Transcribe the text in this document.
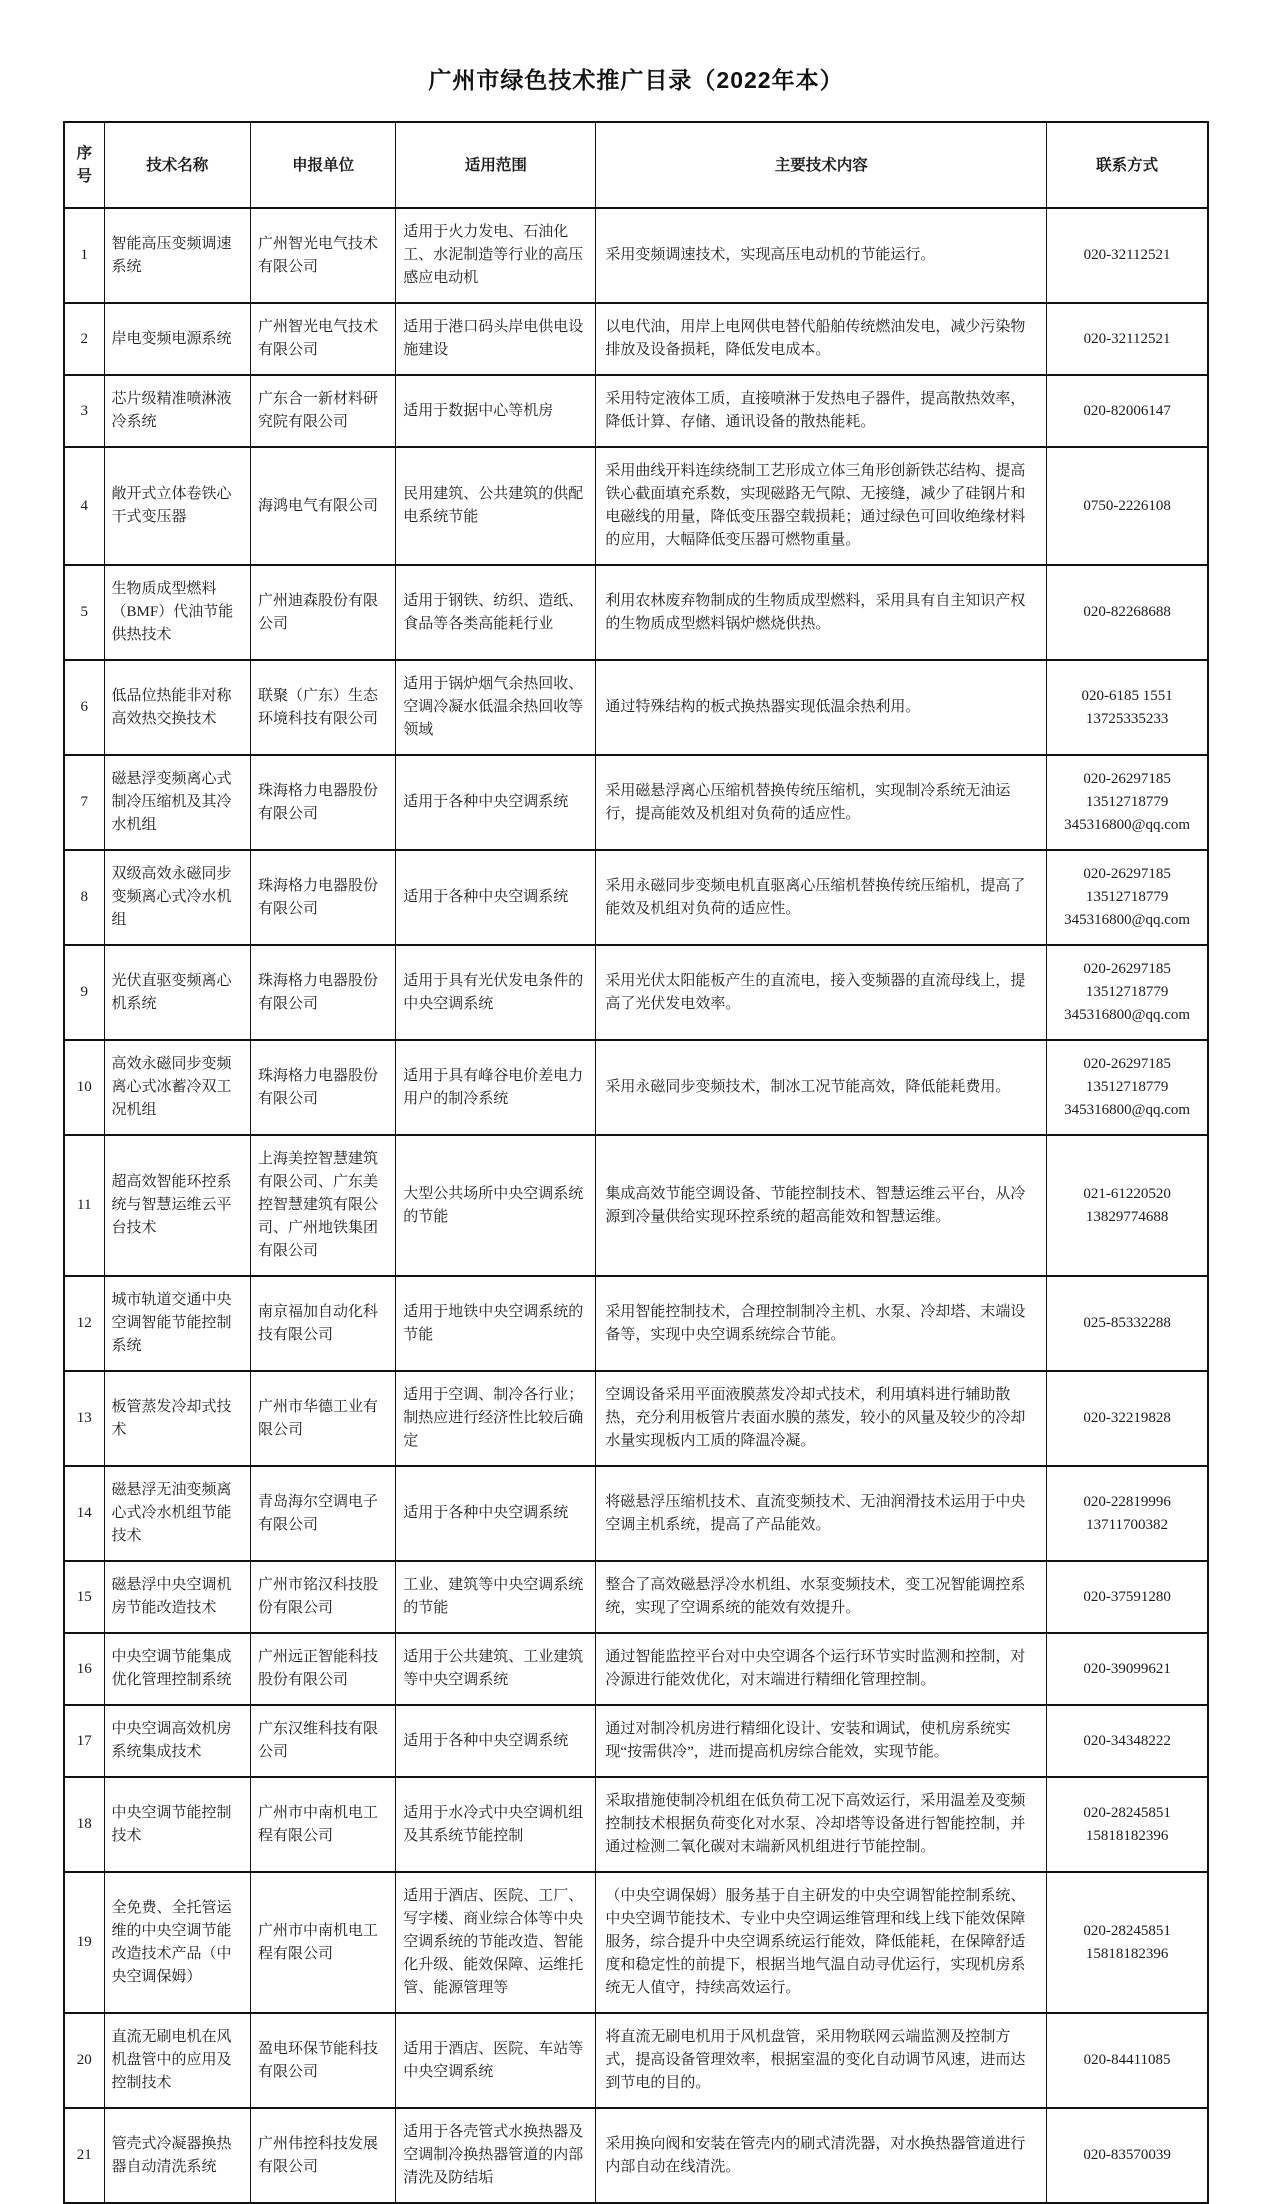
广州市绿色技术推广目录（2022年本）
序号	技术名称	申报单位	适用范围	主要技术内容	联系方式
1	智能高压变频调速系统	广州智光电气技术有限公司	适用于火力发电、石油化工、水泥制造等行业的高压感应电动机	采用变频调速技术，实现高压电动机的节能运行。	020-32112521

2	岸电变频电源系统	广州智光电气技术有限公司	适用于港口码头岸电供电设施建设	以电代油，用岸上电网供电替代船舶传统燃油发电，减少污染物排放及设备损耗，降低发电成本。	020-32112521

3	芯片级精准喷淋液冷系统	广东合一新材料研究院有限公司	适用于数据中心等机房	采用特定液体工质，直接喷淋于发热电子器件，提高散热效率，降低计算、存储、通讯设备的散热能耗。	020-82006147

4	敞开式立体卷铁心干式变压器	海鸿电气有限公司	民用建筑、公共建筑的供配电系统节能	采用曲线开料连续绕制工艺形成立体三角形创新铁芯结构、提高铁心截面填充系数，实现磁路无气隙、无接缝，减少了硅钢片和电磁线的用量，降低变压器空载损耗；通过绿色可回收绝缘材料的应用，大幅降低变压器可燃物重量。	0750-2226108

5	生物质成型燃料（BMF）代油节能供热技术	广州迪森股份有限公司	适用于钢铁、纺织、造纸、食品等各类高能耗行业	利用农林废弃物制成的生物质成型燃料，采用具有自主知识产权的生物质成型燃料锅炉燃烧供热。	020-82268688

6	低品位热能非对称高效热交换技术	联聚（广东）生态环境科技有限公司	适用于锅炉烟气余热回收、空调冷凝水低温余热回收等领域	通过特殊结构的板式换热器实现低温余热利用。	020-6185 1551
13725335233

7	磁悬浮变频离心式制冷压缩机及其冷水机组	珠海格力电器股份有限公司	适用于各种中央空调系统	采用磁悬浮离心压缩机替换传统压缩机，实现制冷系统无油运行，提高能效及机组对负荷的适应性。	020-26297185
13512718779
345316800@qq.com

8	双级高效永磁同步变频离心式冷水机组	珠海格力电器股份有限公司	适用于各种中央空调系统	采用永磁同步变频电机直驱离心压缩机替换传统压缩机，提高了能效及机组对负荷的适应性。	020-26297185
13512718779
345316800@qq.com

9	光伏直驱变频离心机系统	珠海格力电器股份有限公司	适用于具有光伏发电条件的中央空调系统	采用光伏太阳能板产生的直流电，接入变频器的直流母线上，提高了光伏发电效率。	020-26297185
13512718779
345316800@qq.com

10	高效永磁同步变频离心式冰蓄冷双工况机组	珠海格力电器股份有限公司	适用于具有峰谷电价差电力用户的制冷系统	采用永磁同步变频技术，制冰工况节能高效，降低能耗费用。	020-26297185
13512718779
345316800@qq.com

11	超高效智能环控系统与智慧运维云平台技术	上海美控智慧建筑有限公司、广东美控智慧建筑有限公司、广州地铁集团有限公司	大型公共场所中央空调系统的节能	集成高效节能空调设备、节能控制技术、智慧运维云平台，从冷源到冷量供给实现环控系统的超高能效和智慧运维。	021-61220520
13829774688

12	城市轨道交通中央空调智能节能控制系统	南京福加自动化科技有限公司	适用于地铁中央空调系统的节能	采用智能控制技术，合理控制制冷主机、水泵、冷却塔、末端设备等，实现中央空调系统综合节能。	025-85332288

13	板管蒸发冷却式技术	广州市华德工业有限公司	适用于空调、制冷各行业；制热应进行经济性比较后确定	空调设备采用平面液膜蒸发冷却式技术，利用填料进行辅助散热，充分利用板管片表面水膜的蒸发，较小的风量及较少的冷却水量实现板内工质的降温冷凝。	020-32219828

14	磁悬浮无油变频离心式冷水机组节能技术	青岛海尔空调电子有限公司	适用于各种中央空调系统	将磁悬浮压缩机技术、直流变频技术、无油润滑技术运用于中央空调主机系统，提高了产品能效。	020-22819996
13711700382

15	磁悬浮中央空调机房节能改造技术	广州市铭汉科技股份有限公司	工业、建筑等中央空调系统的节能	整合了高效磁悬浮冷水机组、水泵变频技术，变工况智能调控系统，实现了空调系统的能效有效提升。	020-37591280

16	中央空调节能集成优化管理控制系统	广州远正智能科技股份有限公司	适用于公共建筑、工业建筑等中央空调系统	通过智能监控平台对中央空调各个运行环节实时监测和控制，对冷源进行能效优化，对末端进行精细化管理控制。	020-39099621

17	中央空调高效机房系统集成技术	广东汉维科技有限公司	适用于各种中央空调系统	通过对制冷机房进行精细化设计、安装和调试，使机房系统实现“按需供冷”，进而提高机房综合能效，实现节能。	020-34348222

18	中央空调节能控制技术	广州市中南机电工程有限公司	适用于水冷式中央空调机组及其系统节能控制	采取措施使制冷机组在低负荷工况下高效运行，采用温差及变频控制技术根据负荷变化对水泵、冷却塔等设备进行智能控制，并通过检测二氧化碳对末端新风机组进行节能控制。	020-28245851
15818182396

19	全免费、全托管运维的中央空调节能改造技术产品（中央空调保姆）	广州市中南机电工程有限公司	适用于酒店、医院、工厂、写字楼、商业综合体等中央空调系统的节能改造、智能化升级、能效保障、运维托管、能源管理等	（中央空调保姆）服务基于自主研发的中央空调智能控制系统、中央空调节能技术、专业中央空调运维管理和线上线下能效保障服务，综合提升中央空调系统运行能效，降低能耗，在保障舒适度和稳定性的前提下，根据当地气温自动寻优运行，实现机房系统无人值守，持续高效运行。	020-28245851
15818182396

20	直流无刷电机在风机盘管中的应用及控制技术	盈电环保节能科技有限公司	适用于酒店、医院、车站等中央空调系统	将直流无刷电机用于风机盘管，采用物联网云端监测及控制方式，提高设备管理效率，根据室温的变化自动调节风速，进而达到节电的目的。	020-84411085

21	管壳式冷凝器换热器自动清洗系统	广州伟控科技发展有限公司	适用于各壳管式水换热器及空调制冷换热器管道的内部清洗及防结垢	采用换向阀和安装在管壳内的刷式清洗器，对水换热器管道进行内部自动在线清洗。	020-83570039
